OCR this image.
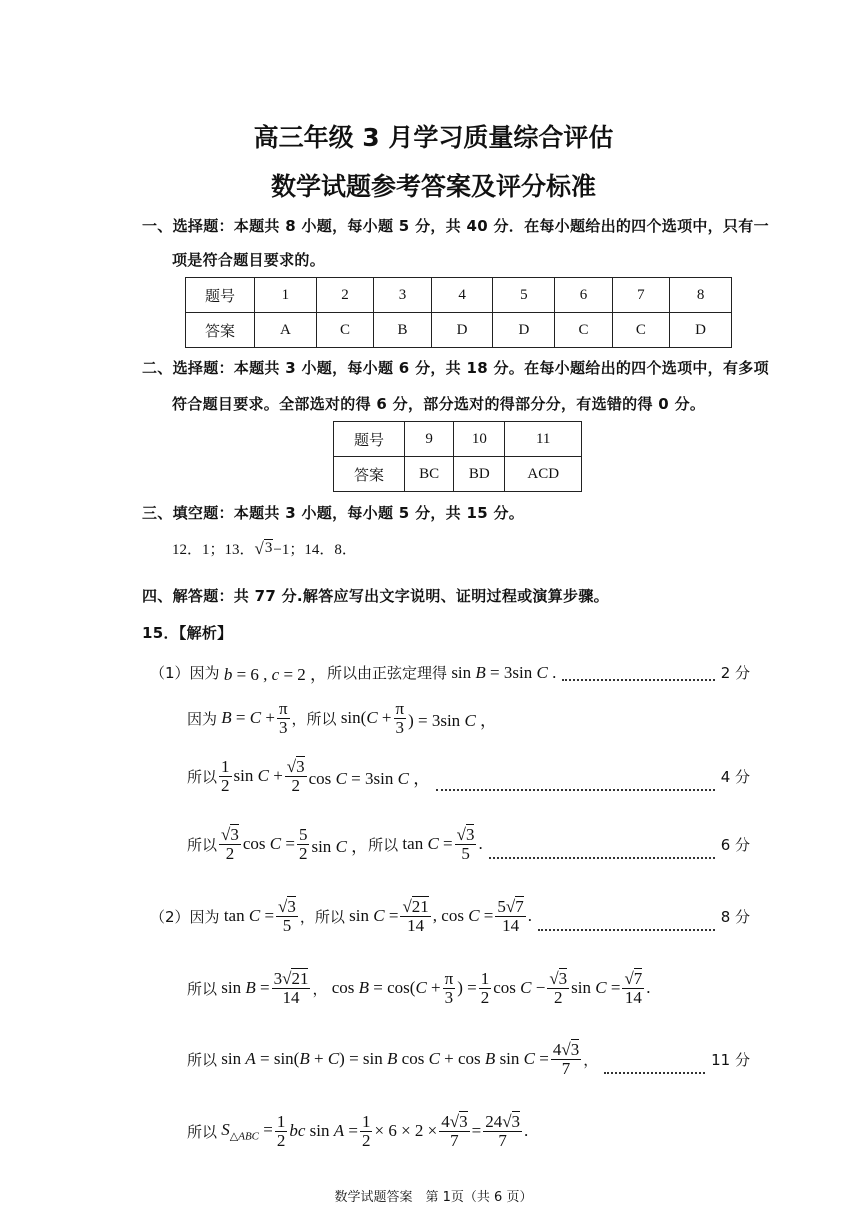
高三年级 3 月学习质量综合评估
数学试题参考答案及评分标准
一、选择题：本题共 8 小题，每小题 5 分，共 40 分．在每小题给出的四个选项中，只有一
项是符合题目要求的。
题号	1	2	3	4	5	6	7	8
答案	A	C	B	D	D	C	C	D
二、选择题：本题共 3 小题，每小题 6 分，共 18 分。在每小题给出的四个选项中，有多项
符合题目要求。全部选对的得 6 分，部分选对的得部分分，有选错的得 0 分。
题号	9	10	11
答案	BC	BD	ACD
三、填空题：本题共 3 小题，每小题 5 分，共 15 分。
12．1；13． √ 3 −1；14．8．
四、解答题：共 77 分.解答应写出文字说明、证明过程或演算步骤。
15．【解析】
（1） 因为 b = 6 , c = 2 ， 所以由正弦定理得 sin B = 3sin C .	2 分
因为 $B = C + \frac{\pi}{3}$ ， 所以 $\sin(C + \frac{\pi}{3}$ ) = 3sin C ，
所以 $\frac{1}{2}$ $\sin C + \frac{√3}{2}$ cos C = 3sin C ，	4 分
所以 $\frac{√3}{2}$ $\cos C = \frac{5}{2}$ sin C ， 所以 $\tan C = \frac{√3}{5}$ .	6 分
（2） 因为 $\tan C = \frac{√3}{5}$ ， 所以 $\sin C = \frac{√21}{14}$ , $\cos C = \frac{5√7}{14}$ .	8 分
所以 $\sin B = \frac{3√21}{14}$ ， $\cos B = \cos(C + \frac{\pi}{3}$ ) = $\frac{1}{2}$ $\cos C - \frac{√3}{2}$ $\sin C = \frac{√7}{14}$ .
所以 sin A = sin(B + C) = sin B cos C + cos B $\sin C = \frac{4√3}{7}$ ，	11 分
所以 $S_{\triangle ABC} = \frac{1}{2}$ bc $\sin A = \frac{1}{2} \times 6 \times 2 \times \frac{4√3}{7} = \frac{24√3}{7}$ .
数学试题答案　第 1页（共 6 页）
